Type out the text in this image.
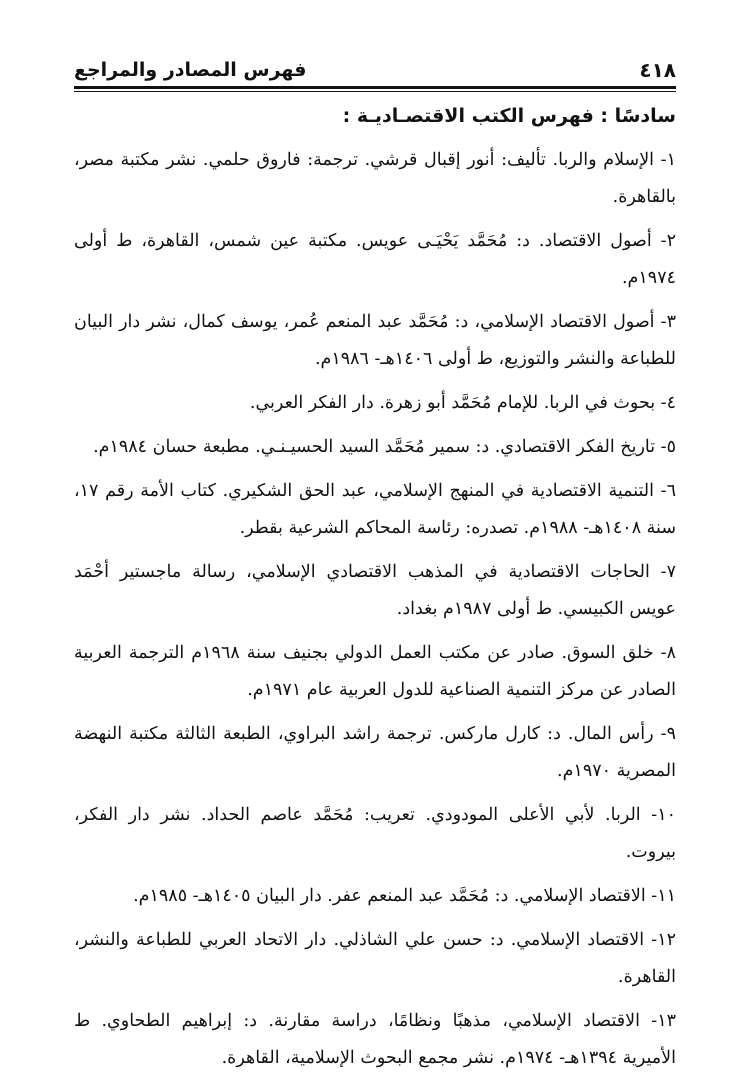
٤١٨
فهرس المصادر والمراجع
سادسًا : فهرس الكتب الاقتصـاديـة :

١- الإسلام والربا. تأليف: أنور إقبال قرشي. ترجمة: فاروق حلمي. نشر مكتبة مصر، بالقاهرة.

٢- أصول الاقتصاد. د: مُحَمَّد يَحْيَـى عويس. مكتبة عين شمس، القاهرة، ط أولى ١٩٧٤م.

٣- أصول الاقتصاد الإسلامي، د: مُحَمَّد عبد المنعم عُمر، يوسف كمال، نشر دار البيان للطباعة والنشر والتوزيع، ط أولى ١٤٠٦هـ- ١٩٨٦م.

٤- بحوث في الربا. للإمام مُحَمَّد أبو زهرة. دار الفكر العربي.

٥- تاريخ الفكر الاقتصادي. د: سمير مُحَمَّد السيد الحسيـنـي. مطبعة حسان ١٩٨٤م.

٦- التنمية الاقتصادية في المنهج الإسلامي، عبد الحق الشكيري. كتاب الأمة رقم ١٧، سنة ١٤٠٨هـ- ١٩٨٨م. تصدره: رئاسة المحاكم الشرعية بقطر.

٧- الحاجات الاقتصادية في المذهب الاقتصادي الإسلامي، رسالة ماجستير أحْمَد عويس الكبيسي. ط أولى ١٩٨٧م بغداد.

٨- خلق السوق. صادر عن مكتب العمل الدولي بجنيف سنة ١٩٦٨م الترجمة العربية الصادر عن مركز التنمية الصناعية للدول العربية عام ١٩٧١م.

٩- رأس المال. د: كارل ماركس. ترجمة راشد البراوي، الطبعة الثالثة مكتبة النهضة المصرية ١٩٧٠م.

١٠- الربا. لأبي الأعلى المودودي. تعريب: مُحَمَّد عاصم الحداد. نشر دار الفكر، بيروت.

١١- الاقتصاد الإسلامي. د: مُحَمَّد عبد المنعم عفر. دار البيان ١٤٠٥هـ- ١٩٨٥م.

١٢- الاقتصاد الإسلامي. د: حسن علي الشاذلي. دار الاتحاد العربي للطباعة والنشر، القاهرة.

١٣- الاقتصاد الإسلامي، مذهبًا ونظامًا، دراسة مقارنة. د: إبراهيم الطحاوي. ط الأميرية ١٣٩٤هـ- ١٩٧٤م. نشر مجمع البحوث الإسلامية، القاهرة.
